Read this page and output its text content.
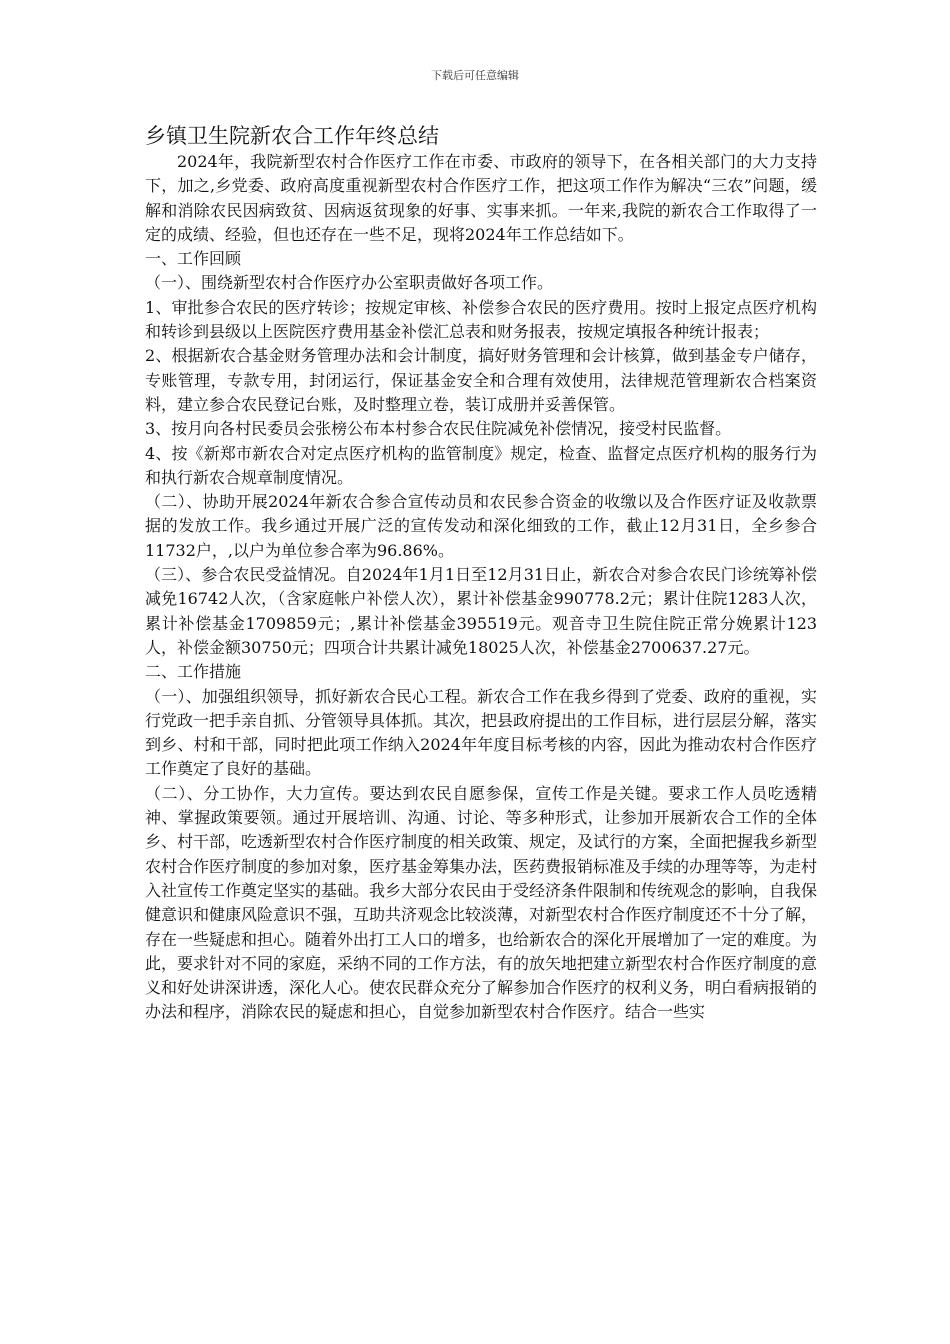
下载后可任意编辑
乡镇卫生院新农合工作年终总结

2024年，我院新型农村合作医疗工作在市委、市政府的领导下，在各相关部门的大力支持下，加之,乡党委、政府高度重视新型农村合作医疗工作，把这项工作作为解决“三农”问题，缓解和消除农民因病致贫、因病返贫现象的好事、实事来抓。一年来,我院的新农合工作取得了一定的成绩、经验，但也还存在一些不足，现将2024年工作总结如下。

一、工作回顾

（一）、围绕新型农村合作医疗办公室职责做好各项工作。

1、审批参合农民的医疗转诊；按规定审核、补偿参合农民的医疗费用。按时上报定点医疗机构和转诊到县级以上医院医疗费用基金补偿汇总表和财务报表，按规定填报各种统计报表；

2、根据新农合基金财务管理办法和会计制度，搞好财务管理和会计核算，做到基金专户储存，专账管理，专款专用，封闭运行，保证基金安全和合理有效使用，法律规范管理新农合档案资料，建立参合农民登记台账，及时整理立卷，装订成册并妥善保管。

3、按月向各村民委员会张榜公布本村参合农民住院减免补偿情况，接受村民监督。

4、按《新郑市新农合对定点医疗机构的监管制度》规定，检查、监督定点医疗机构的服务行为和执行新农合规章制度情况。

（二）、协助开展2024年新农合参合宣传动员和农民参合资金的收缴以及合作医疗证及收款票据的发放工作。我乡通过开展广泛的宣传发动和深化细致的工作，截止12月31日，全乡参合11732户，,以户为单位参合率为96.86%。

（三）、参合农民受益情况。自2024年1月1日至12月31日止，新农合对参合农民门诊统筹补偿减免16742人次，（含家庭帐户补偿人次），累计补偿基金990778.2元；累计住院1283人次，累计补偿基金1709859元；,累计补偿基金395519元。观音寺卫生院住院正常分娩累计123人，补偿金额30750元；四项合计共累计减免18025人次，补偿基金2700637.27元。

二、工作措施

（一）、加强组织领导，抓好新农合民心工程。新农合工作在我乡得到了党委、政府的重视，实行党政一把手亲自抓、分管领导具体抓。其次，把县政府提出的工作目标，进行层层分解，落实到乡、村和干部，同时把此项工作纳入2024年年度目标考核的内容，因此为推动农村合作医疗工作奠定了良好的基础。

（二）、分工协作，大力宣传。要达到农民自愿参保，宣传工作是关键。要求工作人员吃透精神、掌握政策要领。通过开展培训、沟通、讨论、等多种形式，让参加开展新农合工作的全体乡、村干部，吃透新型农村合作医疗制度的相关政策、规定，及试行的方案，全面把握我乡新型农村合作医疗制度的参加对象，医疗基金筹集办法，医药费报销标准及手续的办理等等，为走村入社宣传工作奠定坚实的基础。我乡大部分农民由于受经济条件限制和传统观念的影响，自我保健意识和健康风险意识不强，互助共济观念比较淡薄，对新型农村合作医疗制度还不十分了解，存在一些疑虑和担心。随着外出打工人口的增多，也给新农合的深化开展增加了一定的难度。为此，要求针对不同的家庭，采纳不同的工作方法，有的放矢地把建立新型农村合作医疗制度的意义和好处讲深讲透，深化人心。使农民群众充分了解参加合作医疗的权利义务，明白看病报销的办法和程序，消除农民的疑虑和担心，自觉参加新型农村合作医疗。结合一些实
